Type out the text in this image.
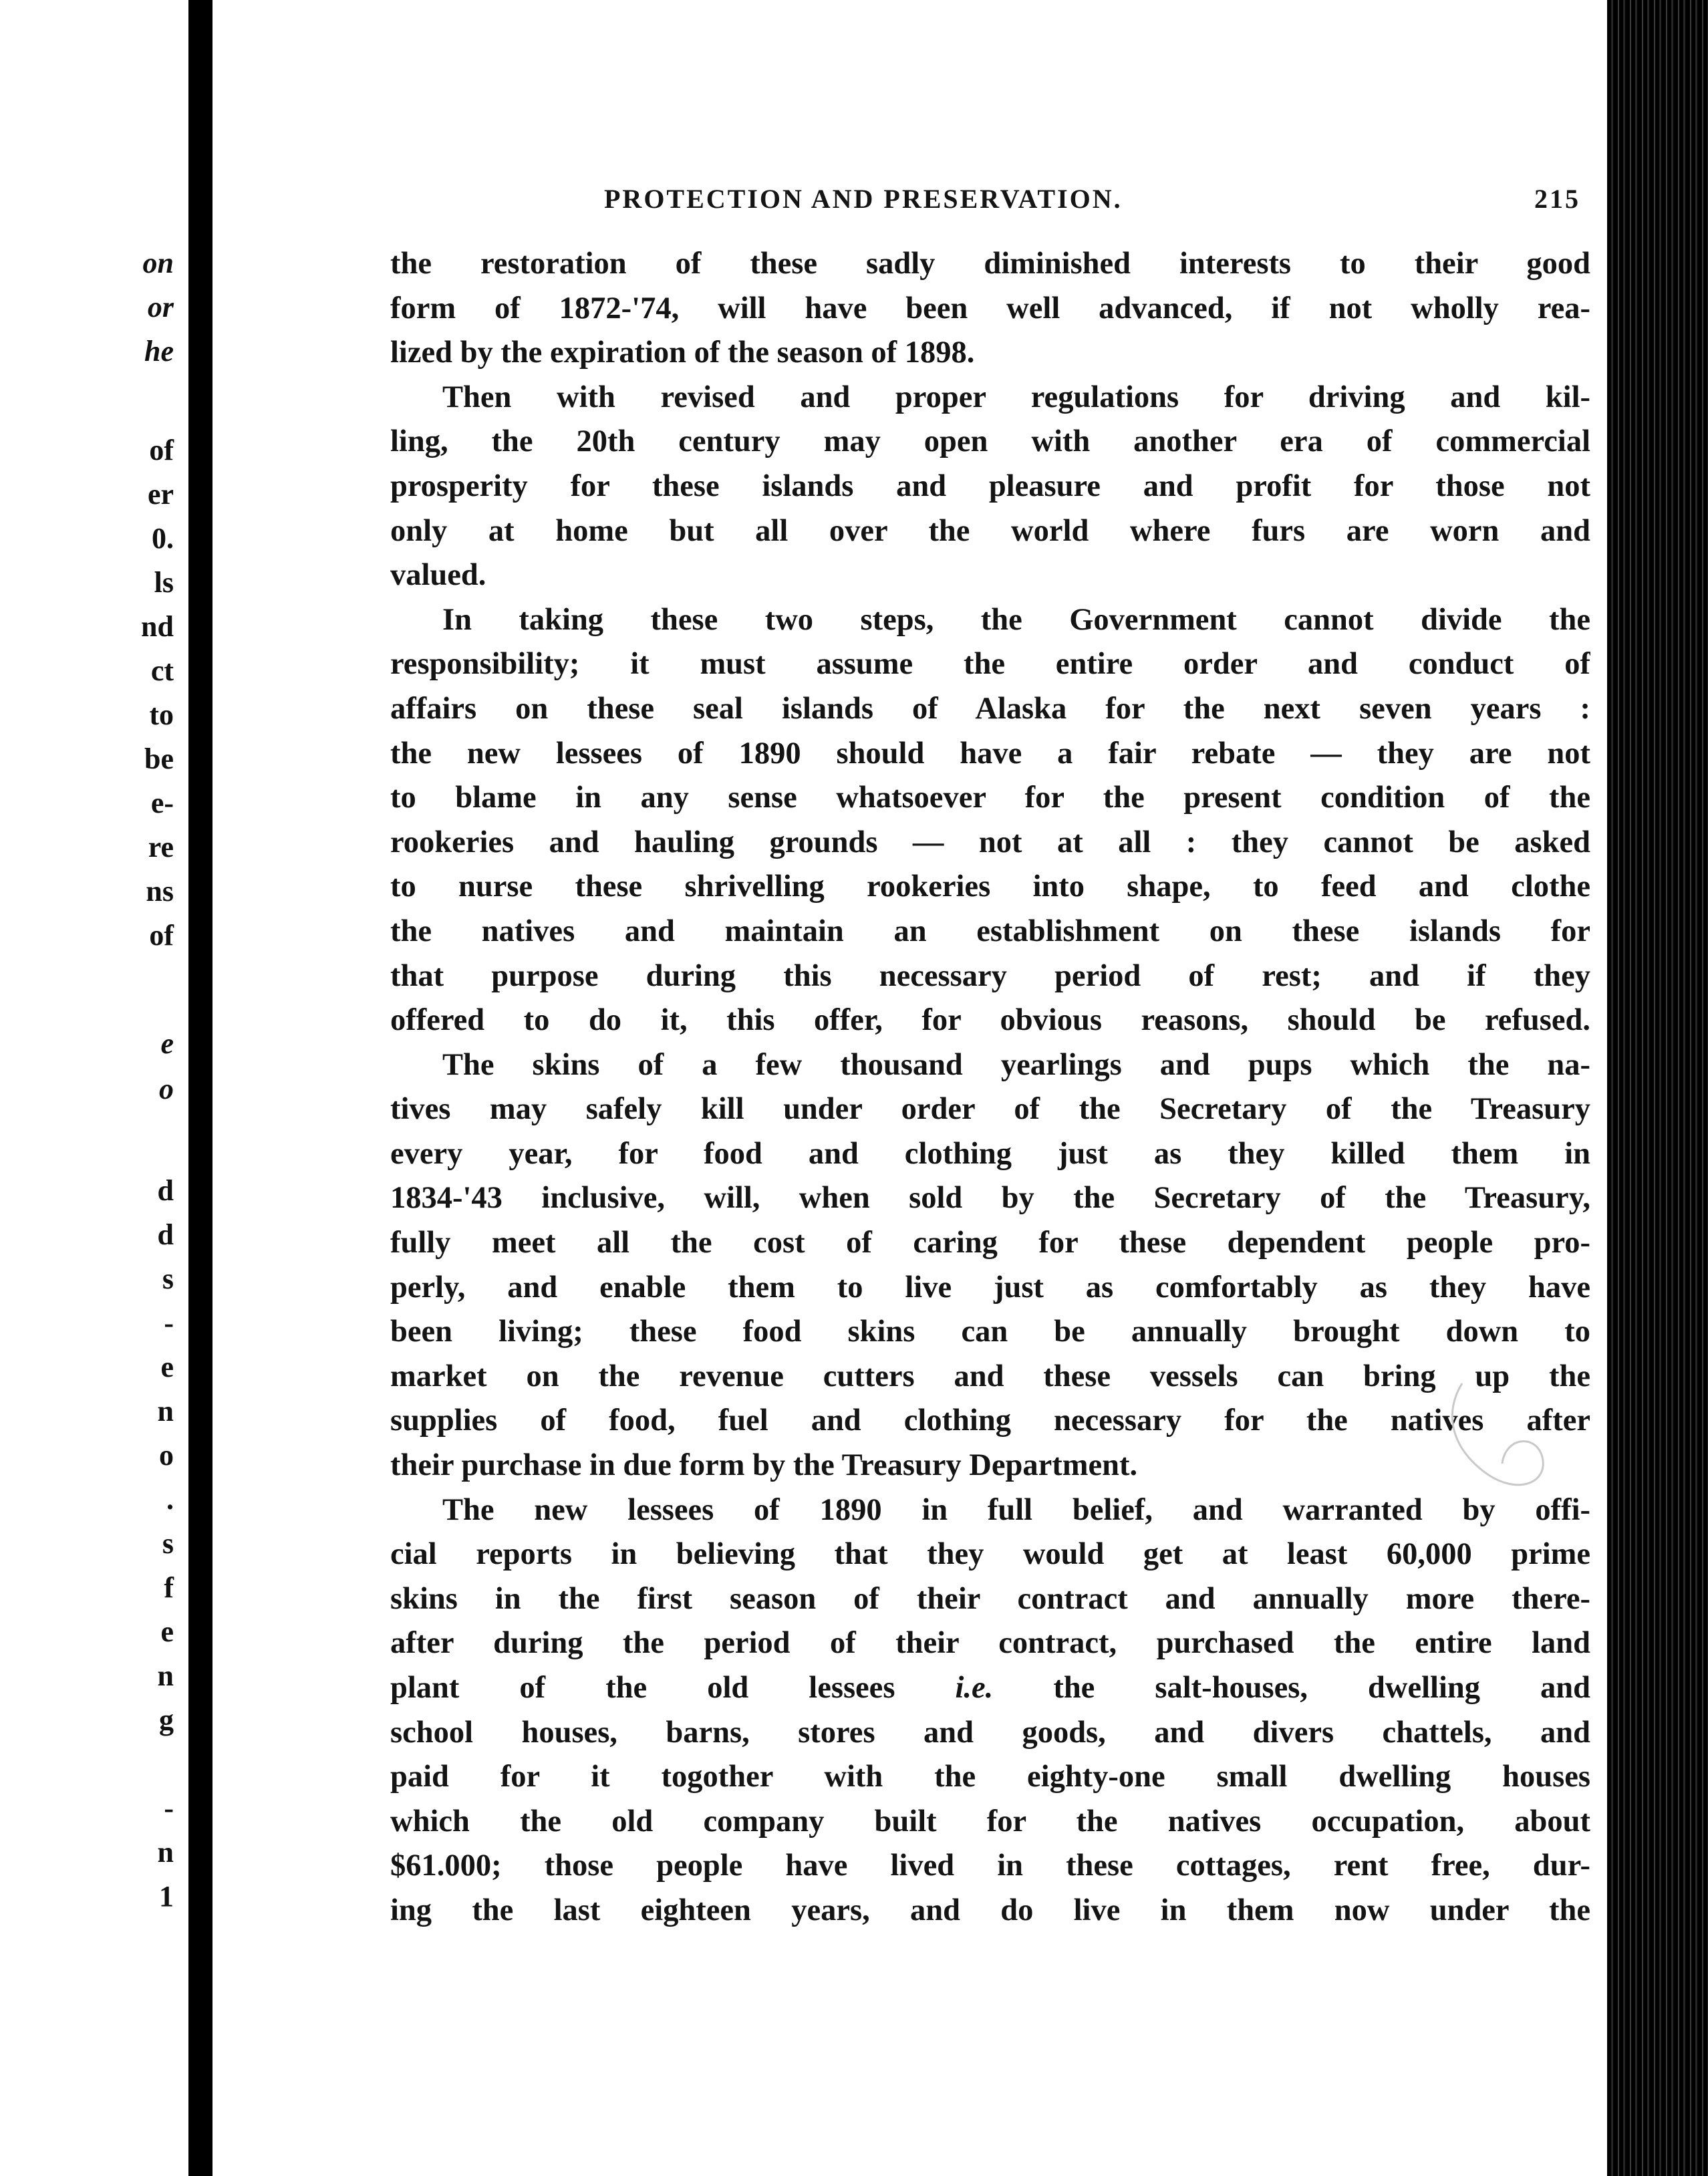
on
or
he
of
er
0.
ls
nd
ct
to
be
e-
re
ns
of
e
o
d
d
s
-
e
n
o
.
s
f
e
n
g
-
n
1
PROTECTION AND PRESERVATION.	215
the restoration of these sadly diminished interests to their good
form of 1872-'74, will have been well advanced, if not wholly rea-
lized by the expiration of the season of 1898.
Then with revised and proper regulations for driving and kil-
ling, the 20th century may open with another era of commercial
prosperity for these islands and pleasure and profit for those not
only at home but all over the world where furs are worn and
valued.
In taking these two steps, the Government cannot divide the
responsibility; it must assume the entire order and conduct of
affairs on these seal islands of Alaska for the next seven years :
the new lessees of 1890 should have a fair rebate — they are not
to blame in any sense whatsoever for the present condition of the
rookeries and hauling grounds — not at all : they cannot be asked
to nurse these shrivelling rookeries into shape, to feed and clothe
the natives and maintain an establishment on these islands for
that purpose during this necessary period of rest; and if they
offered to do it, this offer, for obvious reasons, should be refused.
The skins of a few thousand yearlings and pups which the na-
tives may safely kill under order of the Secretary of the Treasury
every year, for food and clothing just as they killed them in
1834-'43 inclusive, will, when sold by the Secretary of the Treasury,
fully meet all the cost of caring for these dependent people pro-
perly, and enable them to live just as comfortably as they have
been living; these food skins can be annually brought down to
market on the revenue cutters and these vessels can bring up the
supplies of food, fuel and clothing necessary for the natives after
their purchase in due form by the Treasury Department.
The new lessees of 1890 in full belief, and warranted by offi-
cial reports in believing that they would get at least 60,000 prime
skins in the first season of their contract and annually more there-
after during the period of their contract, purchased the entire land
plant of the old lessees i.e. the salt-houses, dwelling and
school houses, barns, stores and goods, and divers chattels, and
paid for it togother with the eighty-one small dwelling houses
which the old company built for the natives occupation, about
$61.000; those people have lived in these cottages, rent free, dur-
ing the last eighteen years, and do live in them now under the
